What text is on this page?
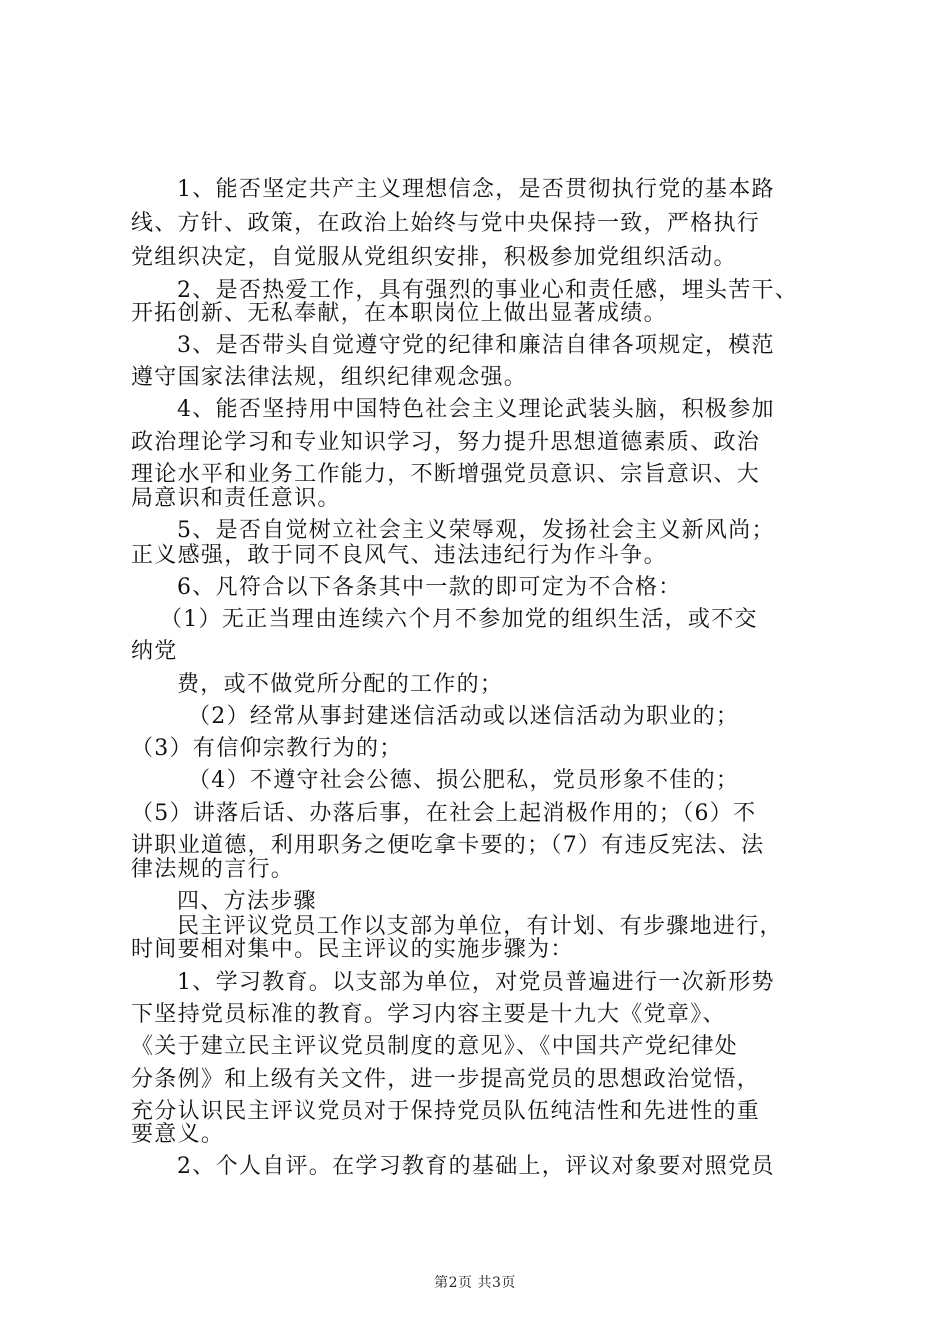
1、能否坚定共产主义理想信念，是否贯彻执行党的基本路
线、方针、政策，在政治上始终与党中央保持一致，严格执行
党组织决定，自觉服从党组织安排，积极参加党组织活动。
2、是否热爱工作，具有强烈的事业心和责任感，埋头苦干、
开拓创新、无私奉献，在本职岗位上做出显著成绩。
3、是否带头自觉遵守党的纪律和廉洁自律各项规定，模范
遵守国家法律法规，组织纪律观念强。
4、能否坚持用中国特色社会主义理论武装头脑，积极参加
政治理论学习和专业知识学习，努力提升思想道德素质、政治
理论水平和业务工作能力，不断增强党员意识、宗旨意识、大
局意识和责任意识。
5、是否自觉树立社会主义荣辱观，发扬社会主义新风尚；
正义感强，敢于同不良风气、违法违纪行为作斗争。
6、凡符合以下各条其中一款的即可定为不合格：
（1）无正当理由连续六个月不参加党的组织生活，或不交
纳党
费，或不做党所分配的工作的；
（2）经常从事封建迷信活动或以迷信活动为职业的；
（3）有信仰宗教行为的；
（4）不遵守社会公德、损公肥私，党员形象不佳的；
（5）讲落后话、办落后事，在社会上起消极作用的；（6）不
讲职业道德，利用职务之便吃拿卡要的；（7）有违反宪法、法
律法规的言行。
四、方法步骤
民主评议党员工作以支部为单位，有计划、有步骤地进行，
时间要相对集中。民主评议的实施步骤为：
1、学习教育。以支部为单位，对党员普遍进行一次新形势
下坚持党员标准的教育。学习内容主要是十九大《党章》、
《关于建立民主评议党员制度的意见》、《中国共产党纪律处
分条例》和上级有关文件，进一步提高党员的思想政治觉悟，
充分认识民主评议党员对于保持党员队伍纯洁性和先进性的重
要意义。
2、个人自评。在学习教育的基础上，评议对象要对照党员
第2页 共3页
